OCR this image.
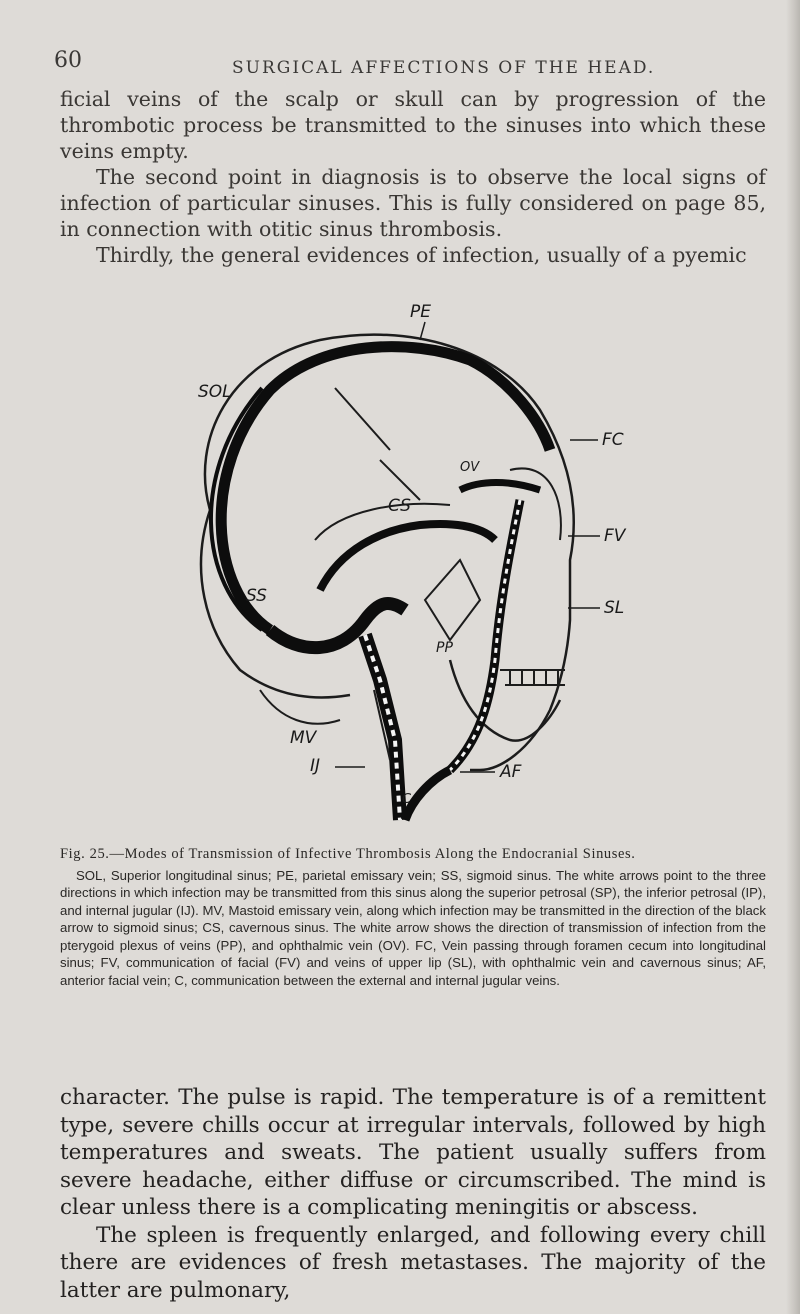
60	SURGICAL AFFECTIONS OF THE HEAD.

ficial veins of the scalp or skull can by progression of the thrombotic process be transmitted to the sinuses into which these veins empty.

The second point in diagnosis is to observe the local signs of infection of particular sinuses. This is fully considered on page 85, in connection with otitic sinus thrombosis.

Thirdly, the general evidences of infection, usually of a pyemic

PE
SOL
FC
OV
CS
FV
SS
SL
PP
MV
IJ	AF
C
Fig. 25.—Modes of Transmission of Infective Thrombosis Along the Endocranial Sinuses.
SOL, Superior longitudinal sinus; PE, parietal emissary vein; SS, sigmoid sinus. The white arrows point to the three directions in which infection may be transmitted from this sinus along the superior petrosal (SP), the inferior petrosal (IP), and internal jugular (IJ). MV, Mastoid emissary vein, along which infection may be transmitted in the direction of the black arrow to sigmoid sinus; CS, cavernous sinus. The white arrow shows the direction of transmission of infection from the pterygoid plexus of veins (PP), and ophthalmic vein (OV). FC, Vein passing through foramen cecum into longitudinal sinus; FV, communication of facial (FV) and veins of upper lip (SL), with ophthalmic vein and cavernous sinus; AF, anterior facial vein; C, communication between the external and internal jugular veins.

character. The pulse is rapid. The temperature is of a remittent type, severe chills occur at irregular intervals, followed by high temperatures and sweats. The patient usually suffers from severe headache, either diffuse or circumscribed. The mind is clear unless there is a complicating meningitis or abscess.

The spleen is frequently enlarged, and following every chill there are evidences of fresh metastases. The majority of the latter are pulmonary,
